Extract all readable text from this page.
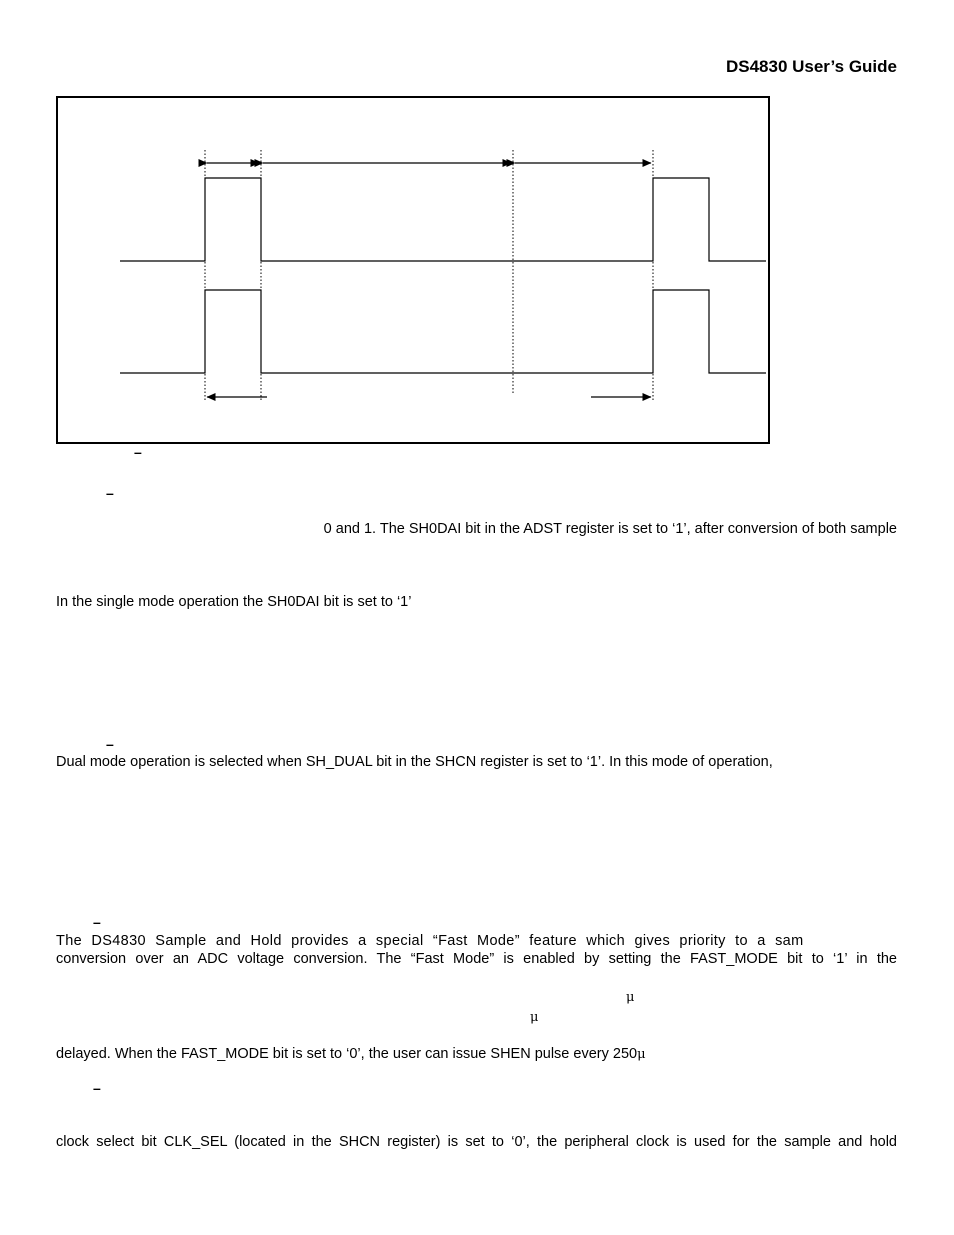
DS4830 User’s Guide
–
–
0 and 1. The SH0DAI bit in the ADST register is set to ‘1’, after conversion of both sample
In the single mode operation the SH0DAI bit is set to ‘1’
–
Dual mode operation is selected when SH_DUAL bit in the SHCN register is set to ‘1’. In this mode of operation,
–
The DS4830 Sample and Hold provides a special “Fast Mode” feature which gives priority to a sam
conversion over an ADC voltage conversion. The “Fast Mode” is enabled by setting the FAST_MODE bit to ‘1’ in the
μ
μ
delayed. When the FAST_MODE bit is set to ‘0’, the user can issue SHEN pulse every 250μ
–
clock select bit CLK_SEL (located in the SHCN register) is set to ‘0’, the peripheral clock is used for the sample and hold
